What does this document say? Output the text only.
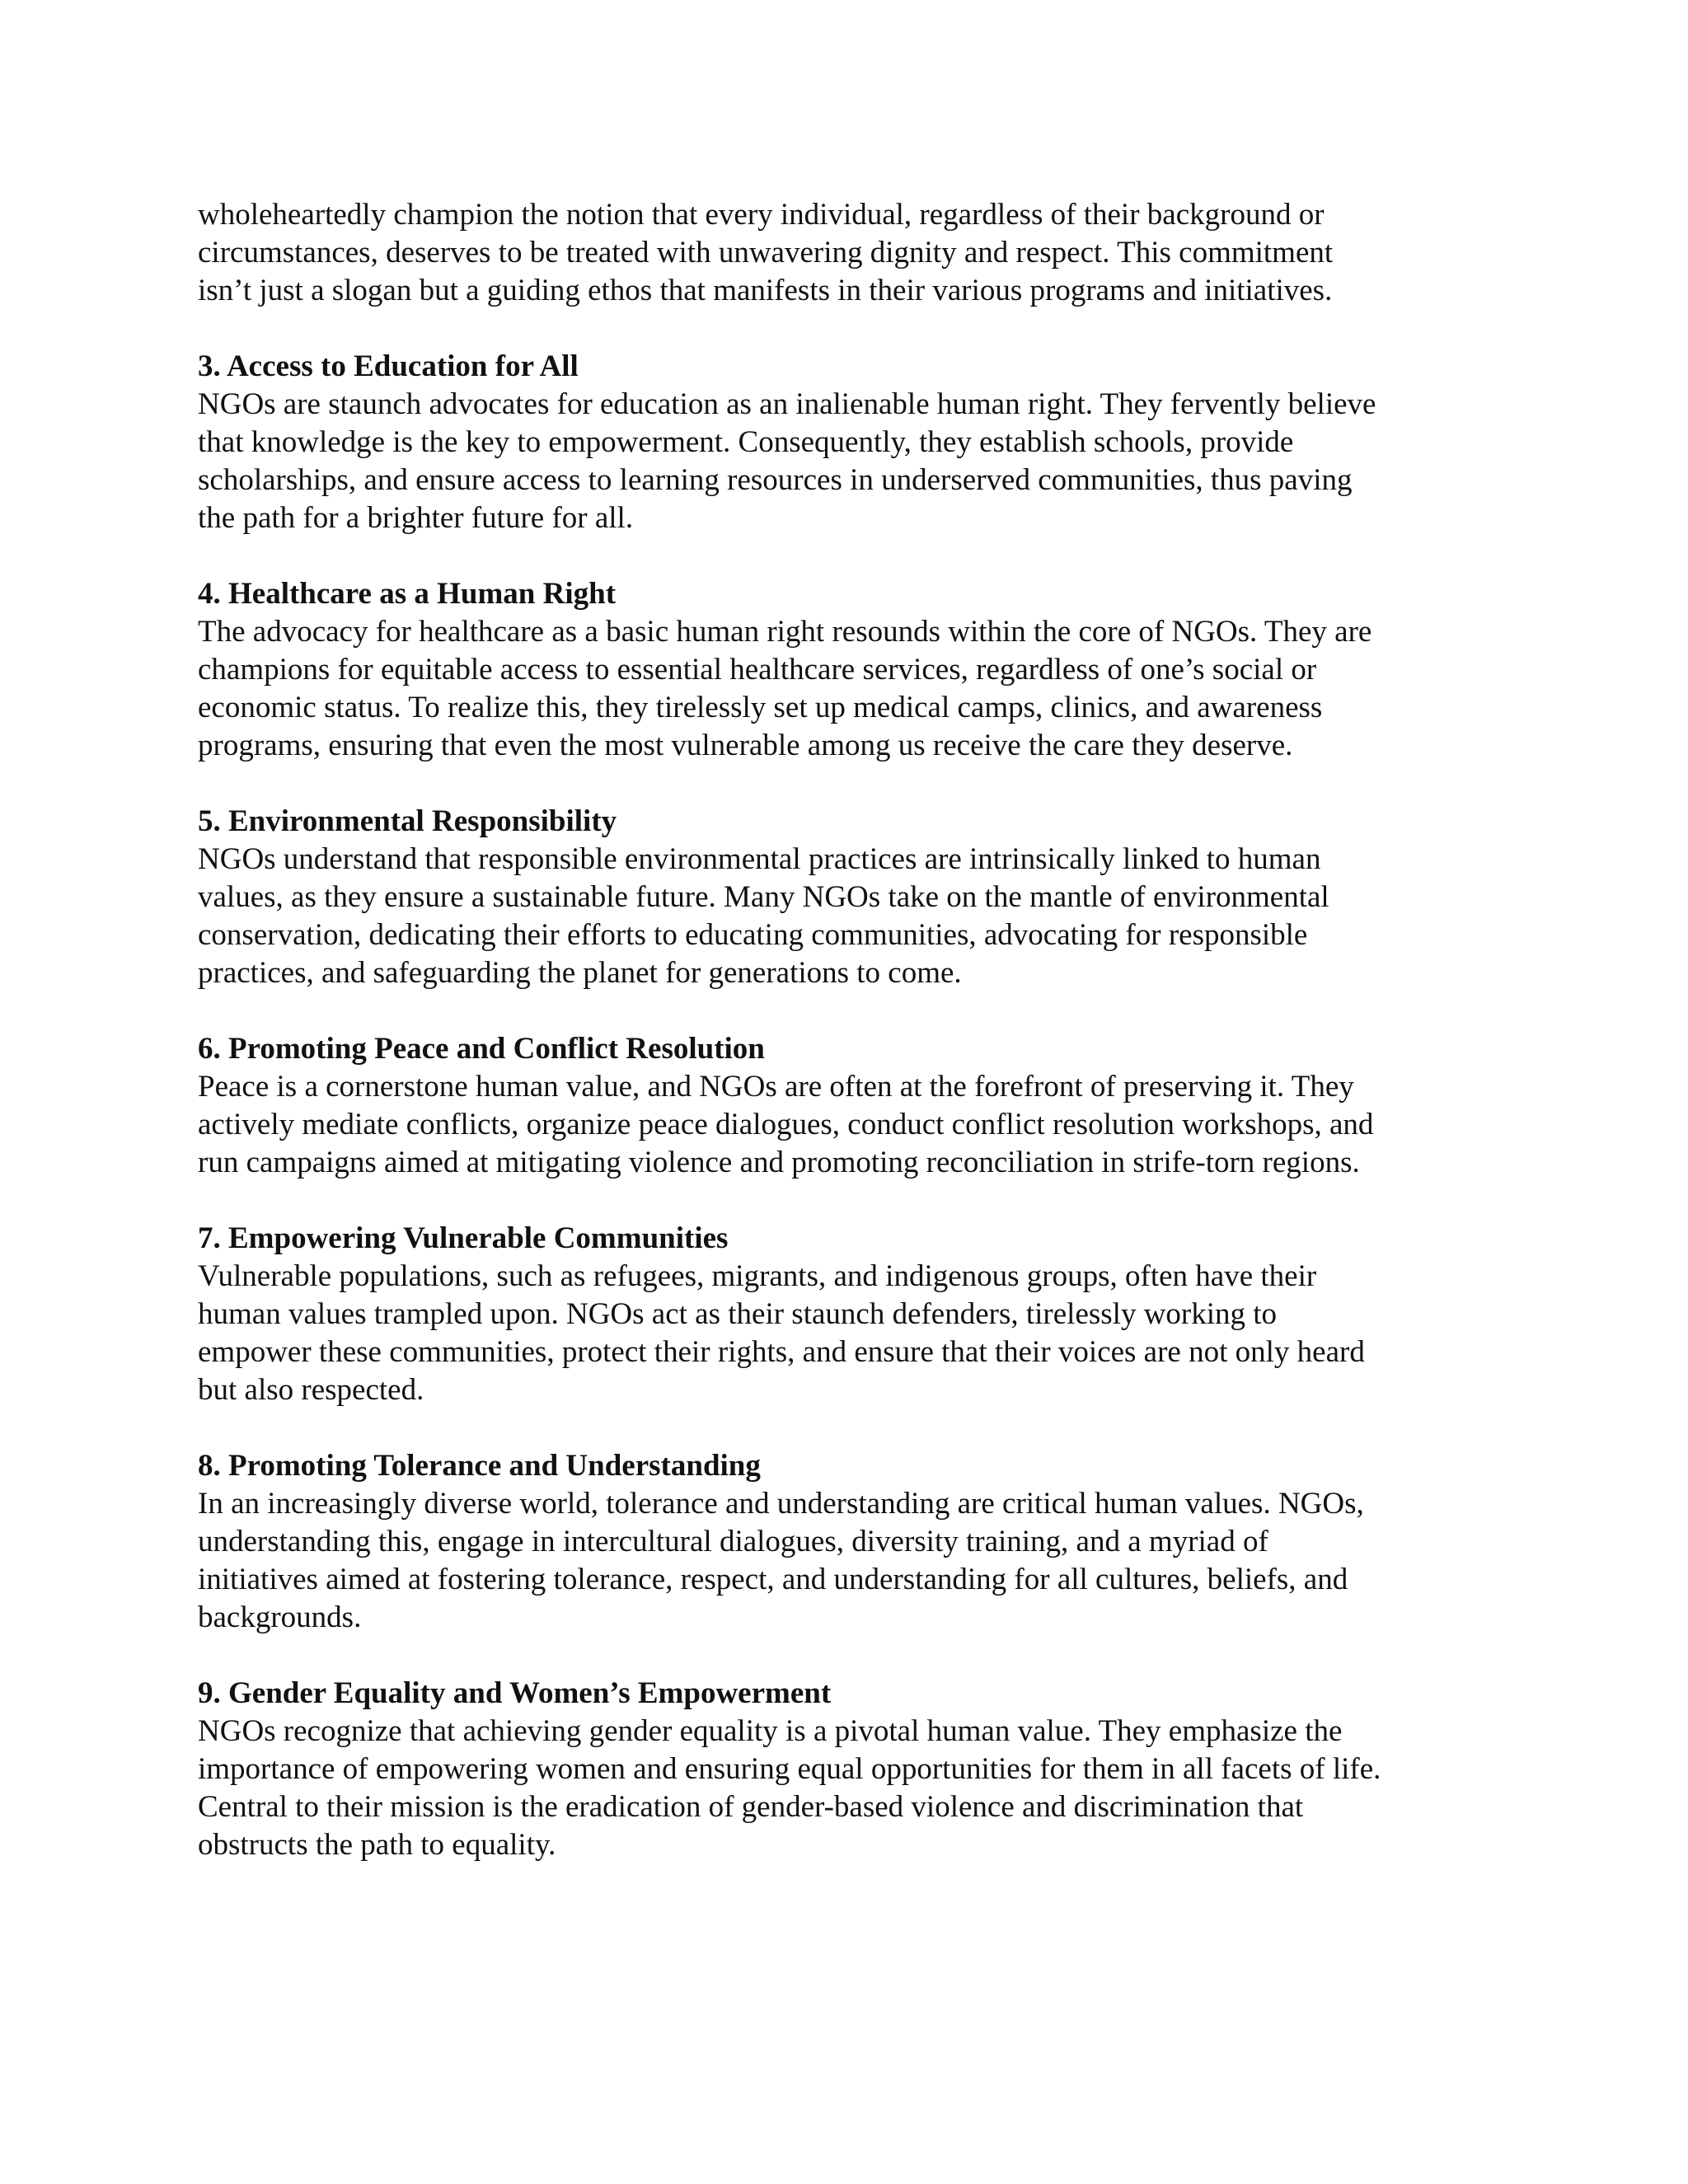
wholeheartedly champion the notion that every individual, regardless of their background or
circumstances, deserves to be treated with unwavering dignity and respect. This commitment
isn’t just a slogan but a guiding ethos that manifests in their various programs and initiatives.

3. Access to Education for All
NGOs are staunch advocates for education as an inalienable human right. They fervently believe
that knowledge is the key to empowerment. Consequently, they establish schools, provide
scholarships, and ensure access to learning resources in underserved communities, thus paving
the path for a brighter future for all.
4. Healthcare as a Human Right
The advocacy for healthcare as a basic human right resounds within the core of NGOs. They are
champions for equitable access to essential healthcare services, regardless of one’s social or
economic status. To realize this, they tirelessly set up medical camps, clinics, and awareness
programs, ensuring that even the most vulnerable among us receive the care they deserve.
5. Environmental Responsibility
NGOs understand that responsible environmental practices are intrinsically linked to human
values, as they ensure a sustainable future. Many NGOs take on the mantle of environmental
conservation, dedicating their efforts to educating communities, advocating for responsible
practices, and safeguarding the planet for generations to come.
6. Promoting Peace and Conflict Resolution
Peace is a cornerstone human value, and NGOs are often at the forefront of preserving it. They
actively mediate conflicts, organize peace dialogues, conduct conflict resolution workshops, and
run campaigns aimed at mitigating violence and promoting reconciliation in strife-torn regions.
7. Empowering Vulnerable Communities
Vulnerable populations, such as refugees, migrants, and indigenous groups, often have their
human values trampled upon. NGOs act as their staunch defenders, tirelessly working to
empower these communities, protect their rights, and ensure that their voices are not only heard
but also respected.
8. Promoting Tolerance and Understanding
In an increasingly diverse world, tolerance and understanding are critical human values. NGOs,
understanding this, engage in intercultural dialogues, diversity training, and a myriad of
initiatives aimed at fostering tolerance, respect, and understanding for all cultures, beliefs, and
backgrounds.
9. Gender Equality and Women’s Empowerment
NGOs recognize that achieving gender equality is a pivotal human value. They emphasize the
importance of empowering women and ensuring equal opportunities for them in all facets of life.
Central to their mission is the eradication of gender-based violence and discrimination that
obstructs the path to equality.
